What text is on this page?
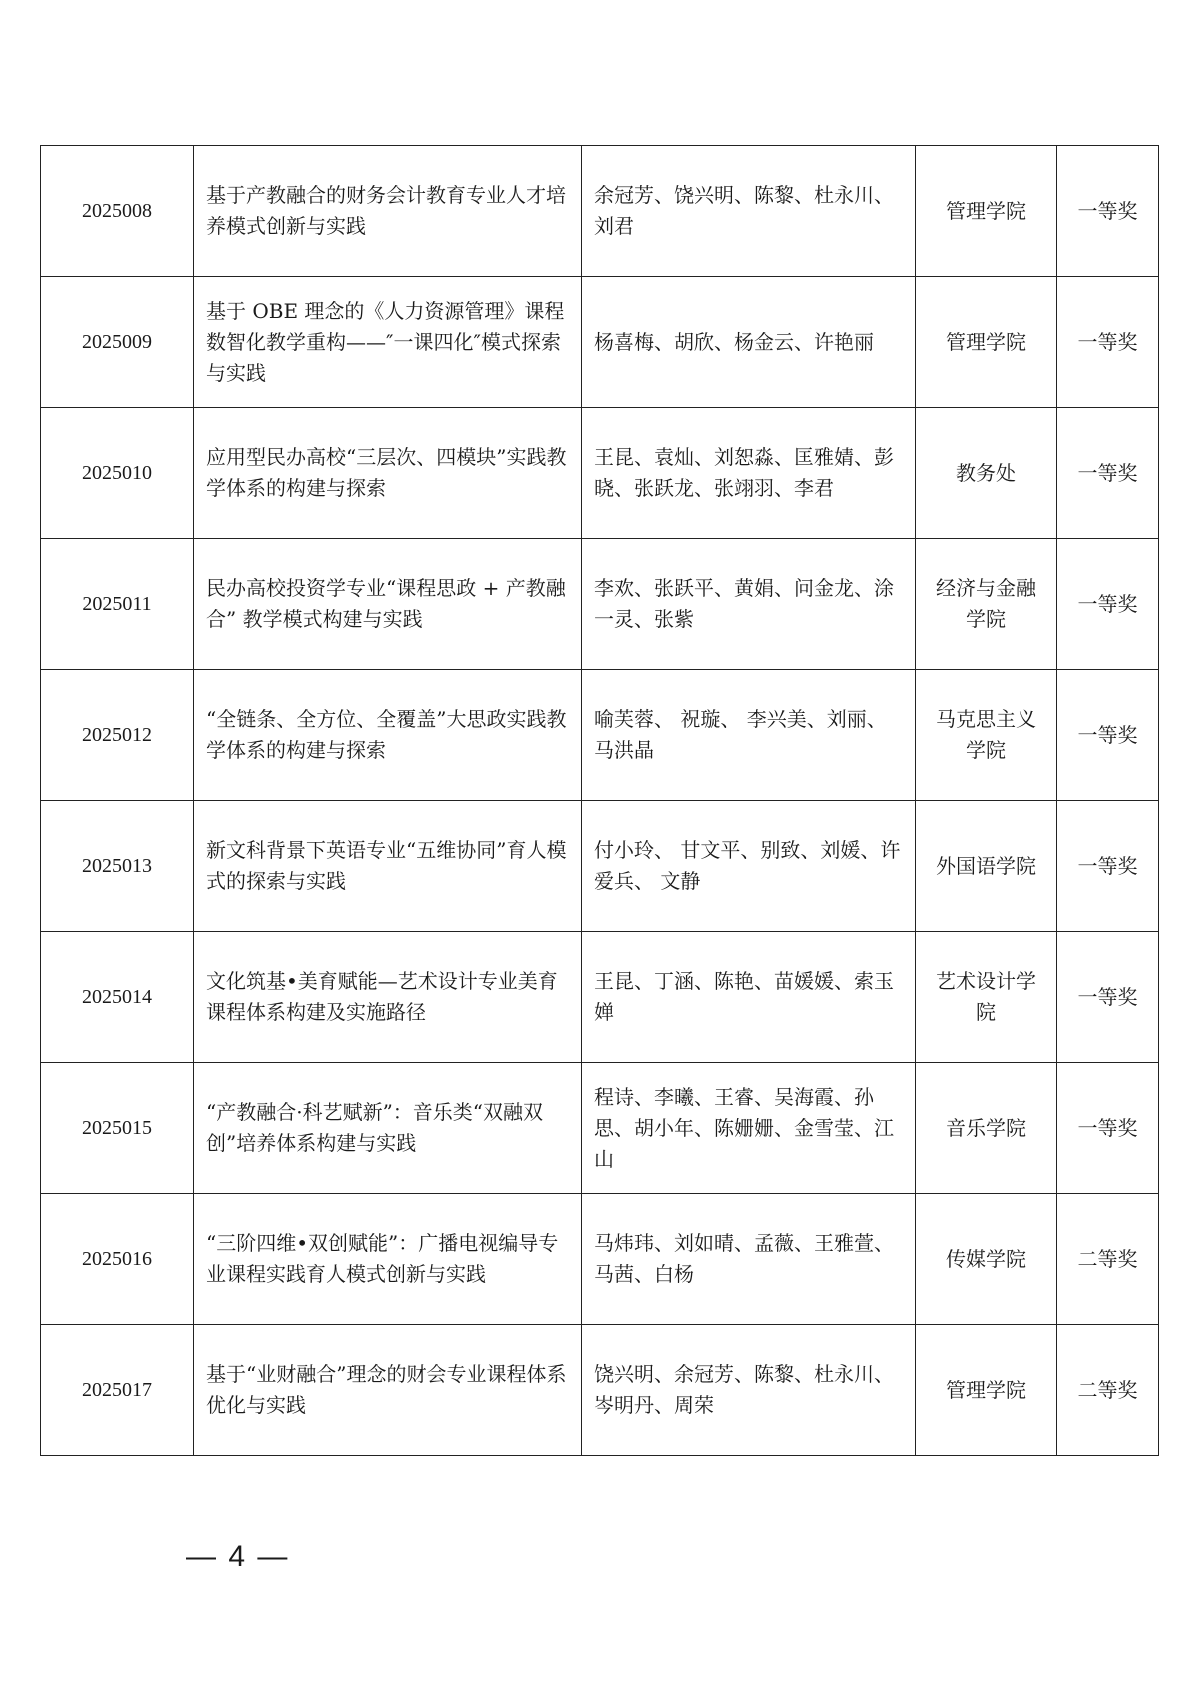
2025008	基于产教融合的财务会计教育专业人才培养模式创新与实践	余冠芳、饶兴明、陈黎、杜永川、刘君	管理学院	一等奖
2025009	基于 OBE 理念的《人力资源管理》课程数智化教学重构——″一课四化″模式探索与实践	杨喜梅、胡欣、杨金云、许艳丽	管理学院	一等奖
2025010	应用型民办高校“三层次、四模块”实践教学体系的构建与探索	王昆、袁灿、刘恕淼、匡雅婧、彭晓、张跃龙、张翊羽、李君	教务处	一等奖
2025011	民办高校投资学专业“课程思政 + 产教融合” 教学模式构建与实践	李欢、张跃平、黄娟、问金龙、涂一灵、张紫	经济与金融学院	一等奖
2025012	“全链条、全方位、全覆盖”大思政实践教学体系的构建与探索	喻芙蓉、 祝璇、 李兴美、刘丽、马洪晶	马克思主义学院	一等奖
2025013	新文科背景下英语专业“五维协同”育人模式的探索与实践	付小玲、 甘文平、别致、刘媛、许爱兵、 文静	外国语学院	一等奖
2025014	文化筑基•美育赋能—艺术设计专业美育课程体系构建及实施路径	王昆、丁涵、陈艳、苗媛媛、索玉婵	艺术设计学院	一等奖
2025015	“产教融合·科艺赋新”：音乐类“双融双创”培养体系构建与实践	程诗、李曦、王睿、吴海霞、孙思、胡小年、陈姗姗、金雪莹、江山	音乐学院	一等奖
2025016	“三阶四维•双创赋能”：广播电视编导专业课程实践育人模式创新与实践	马炜玮、刘如晴、孟薇、王雅萱、马茜、白杨	传媒学院	二等奖
2025017	基于“业财融合”理念的财会专业课程体系优化与实践	饶兴明、余冠芳、陈黎、杜永川、岑明丹、周荣	管理学院	二等奖
— 4 —
